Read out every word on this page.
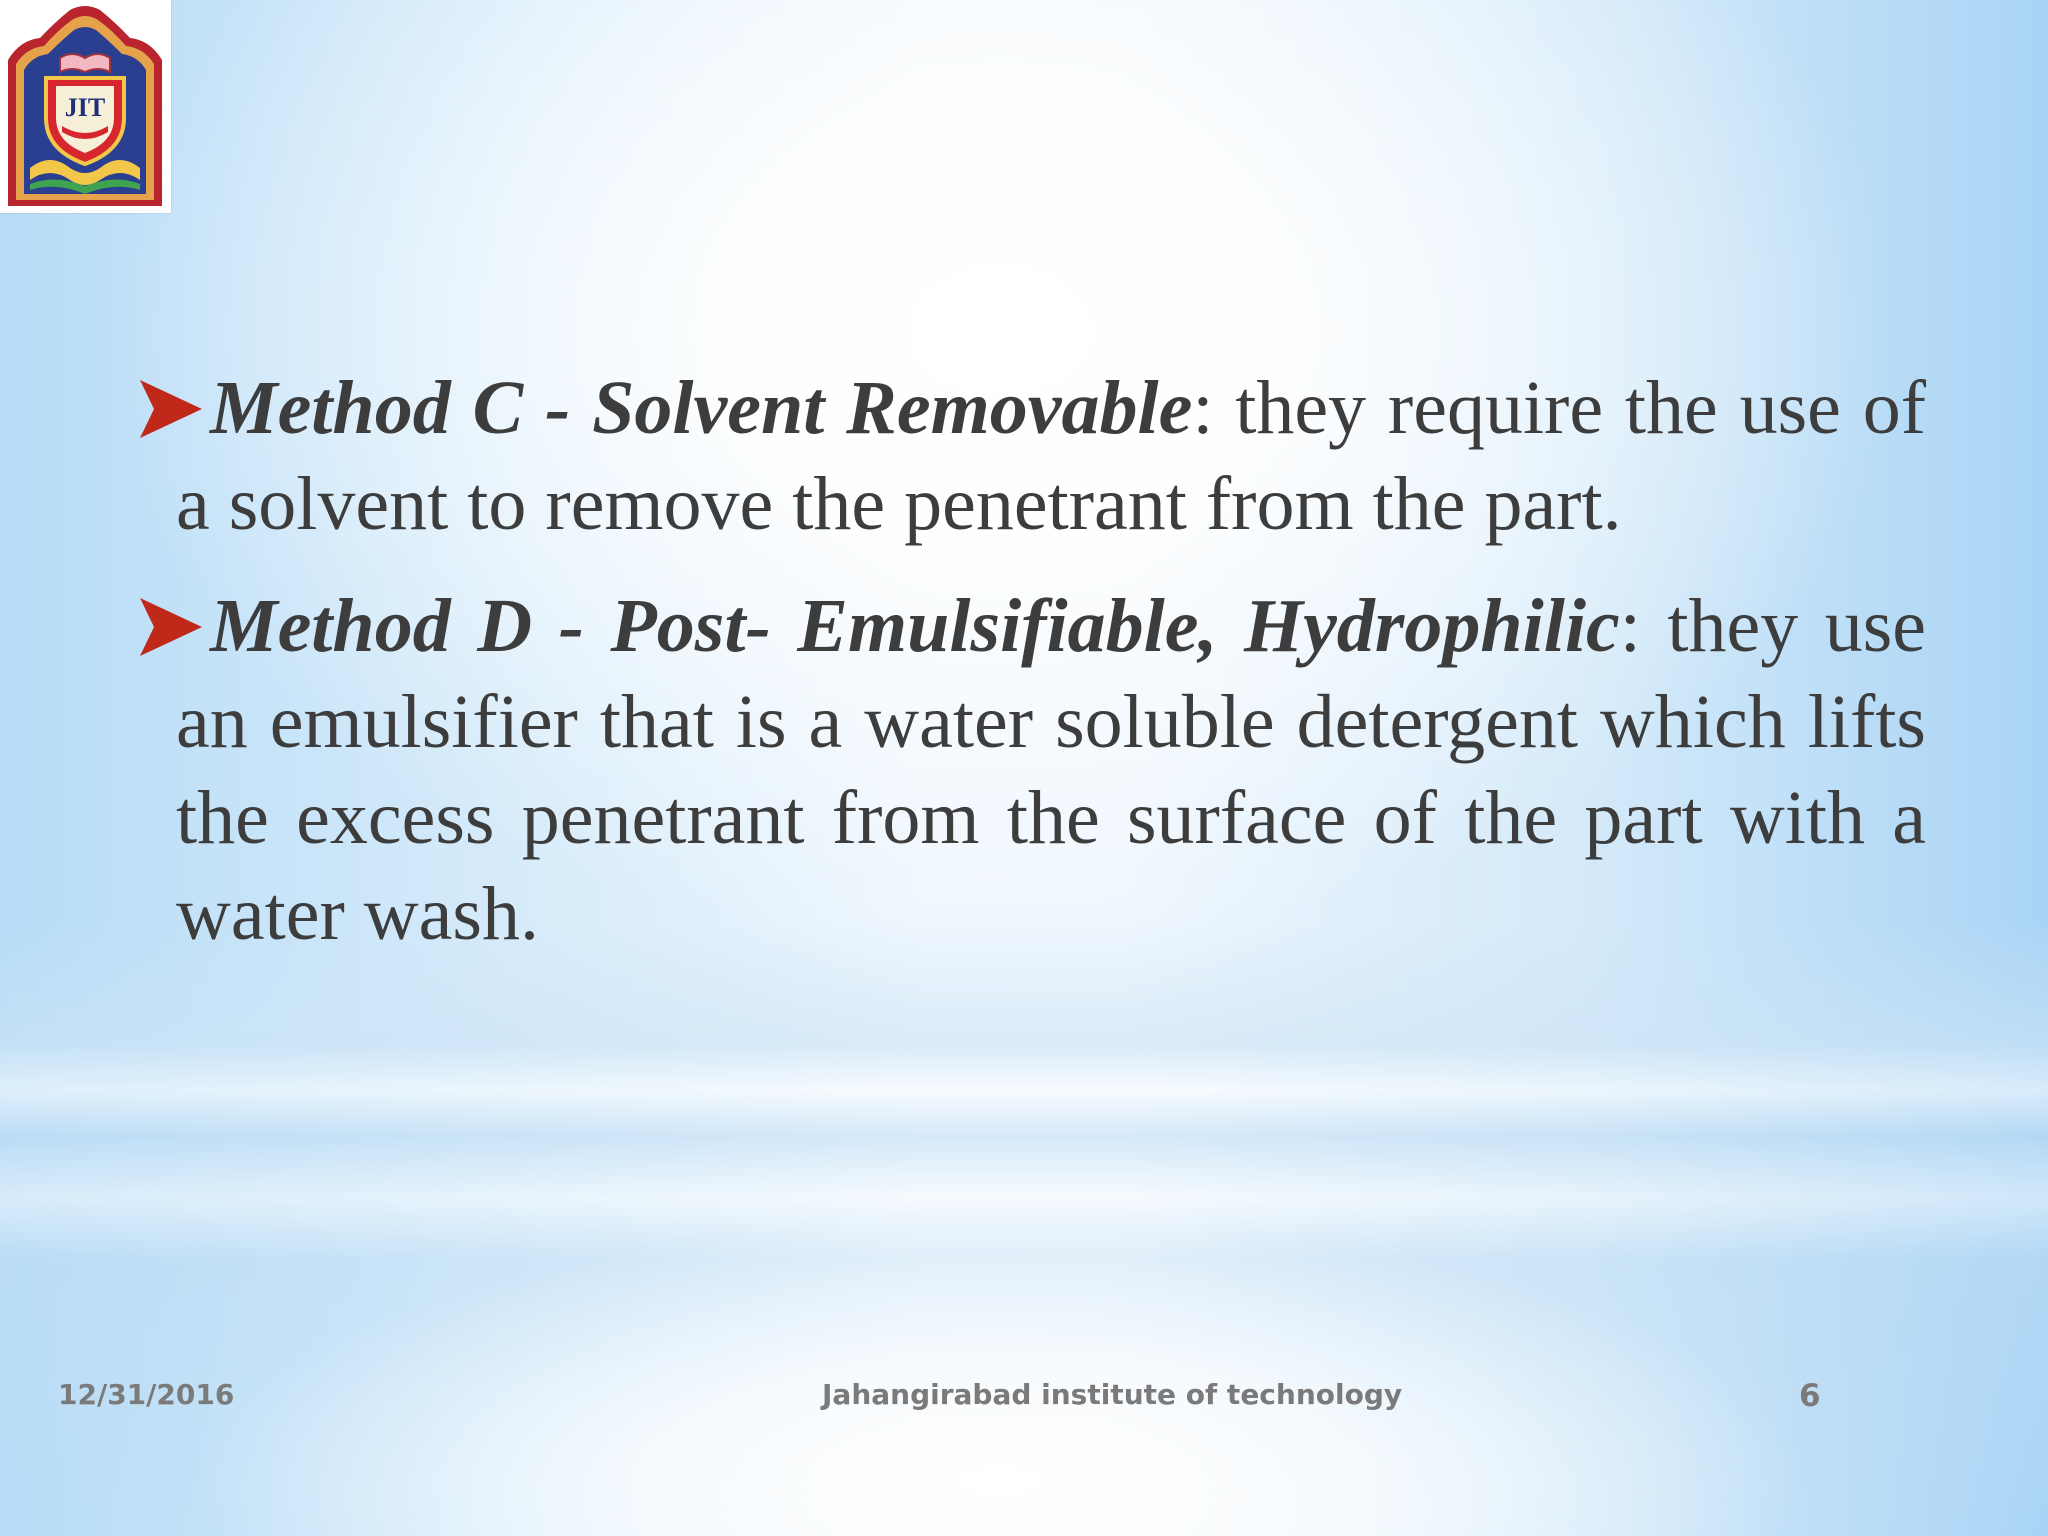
JIT
Method C - Solvent Removable: they require the use of a solvent to remove the penetrant from the part.
Method D - Post- Emulsifiable, Hydrophilic: they use an emulsifier that is a water soluble detergent which lifts the excess penetrant from the surface of the part with a water wash.
12/31/2016	Jahangirabad institute of technology	6
